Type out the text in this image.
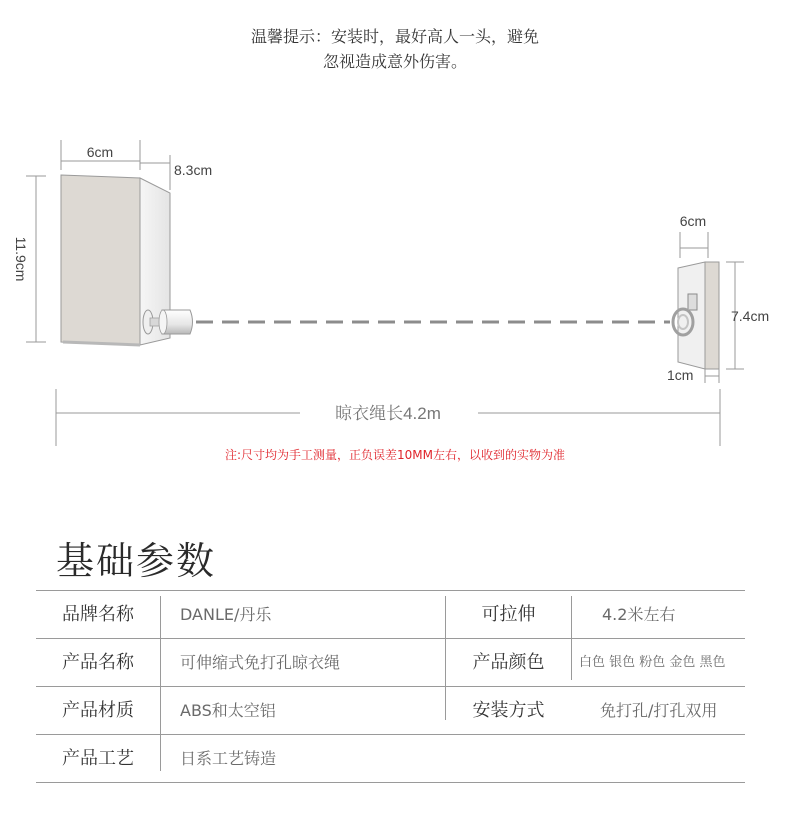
温馨提示：安装时，最好高人一头，避免
忽视造成意外伤害。
6cm
8.3cm
11.9cm
6cm
7.4cm
1cm
晾衣绳长4.2m
注:尺寸均为手工测量，正负误差10MM左右，以收到的实物为准
基础参数
品牌名称	DANLE/丹乐	可拉伸	4.2米左右
产品名称	可伸缩式免打孔晾衣绳	产品颜色	白色 银色 粉色 金色 黑色
产品材质	ABS和太空铝	安装方式	免打孔/打孔双用
产品工艺	日系工艺铸造
